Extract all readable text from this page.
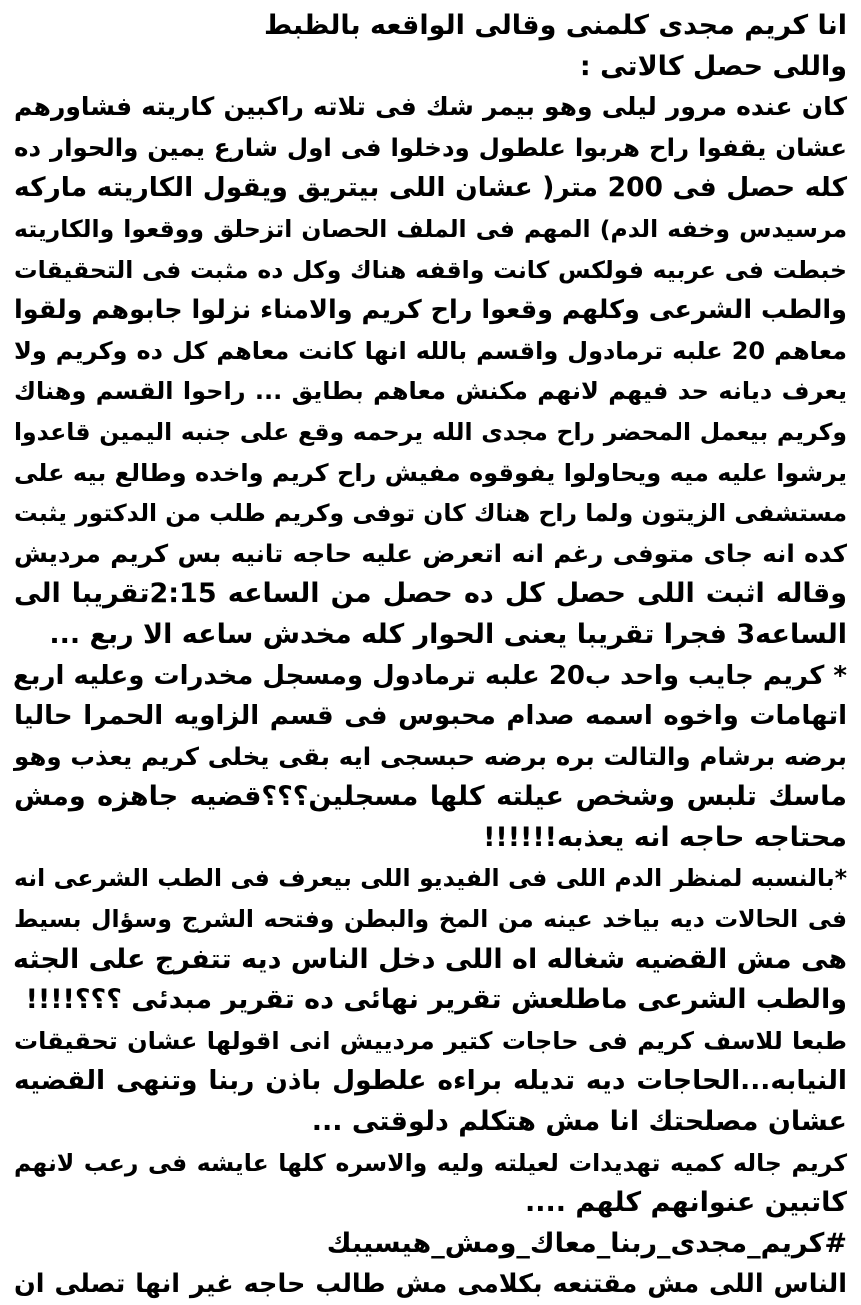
انا كريم مجدى كلمنى وقالى الواقعه بالظبط
واللى حصل كالاتى :
كان عنده مرور ليلى وهو بيمر شك فى تلاته راكبين كاريته فشاورهم
عشان يقفوا راح هربوا علطول ودخلوا فى اول شارع يمين والحوار ده
كله حصل فى 200 متر( عشان اللى بيتريق ويقول الكاريته ماركه
مرسيدس وخفه الدم) المهم فى الملف الحصان اتزحلق ووقعوا والكاريته
خبطت فى عربيه فولكس كانت واقفه هناك وكل ده مثبت فى التحقيقات
والطب الشرعى وكلهم وقعوا راح كريم والامناء نزلوا جابوهم ولقوا
معاهم 20 علبه ترمادول واقسم بالله انها كانت معاهم كل ده وكريم ولا
يعرف ديانه حد فيهم لانهم مكنش معاهم بطايق ... راحوا القسم وهناك
وكريم بيعمل المحضر راح مجدى الله يرحمه وقع على جنبه اليمين قاعدوا
يرشوا عليه ميه ويحاولوا يفوقوه مفيش راح كريم واخده وطالع بيه على
مستشفى الزيتون ولما راح هناك كان توفى وكريم طلب من الدكتور يثبت
كده انه جاى متوفى رغم انه اتعرض عليه حاجه تانيه بس كريم مرديش
وقاله اثبت اللى حصل كل ده حصل من الساعه 2:15تقريبا الى
الساعه3 فجرا تقريبا يعنى الحوار كله مخدش ساعه الا ربع ...
* كريم جايب واحد ب20 علبه ترمادول ومسجل مخدرات وعليه اربع
اتهامات واخوه اسمه صدام محبوس فى قسم الزاويه الحمرا حاليا
برضه برشام والتالت بره برضه حبسجى ايه بقى يخلى كريم يعذب وهو
ماسك تلبس وشخص عيلته كلها مسجلين؟؟؟قضيه جاهزه ومش
محتاجه حاجه انه يعذبه!!!!!!
*بالنسبه لمنظر الدم اللى فى الفيديو اللى بيعرف فى الطب الشرعى انه
فى الحالات ديه بياخد عينه من المخ والبطن وفتحه الشرج وسؤال بسيط
هى مش القضيه شغاله اه اللى دخل الناس ديه تتفرج على الجثه
والطب الشرعى ماطلعش تقرير نهائى ده تقرير مبدئى ؟؟؟!!!!
طبعا للاسف كريم فى حاجات كتير مردييش انى اقولها عشان تحقيقات
النيابه...الحاجات ديه تديله براءه علطول باذن ربنا وتنهى القضيه
عشان مصلحتك انا مش هتكلم دلوقتى ...
كريم جاله كميه تهديدات لعيلته وليه والاسره كلها عايشه فى رعب لانهم
كاتبين عنوانهم كلهم ....
#كريم_مجدى_ربنا_معاك_ومش_هيسيبك
الناس اللى مش مقتنعه بكلامى مش طالب حاجه غير انها تصلى ان
